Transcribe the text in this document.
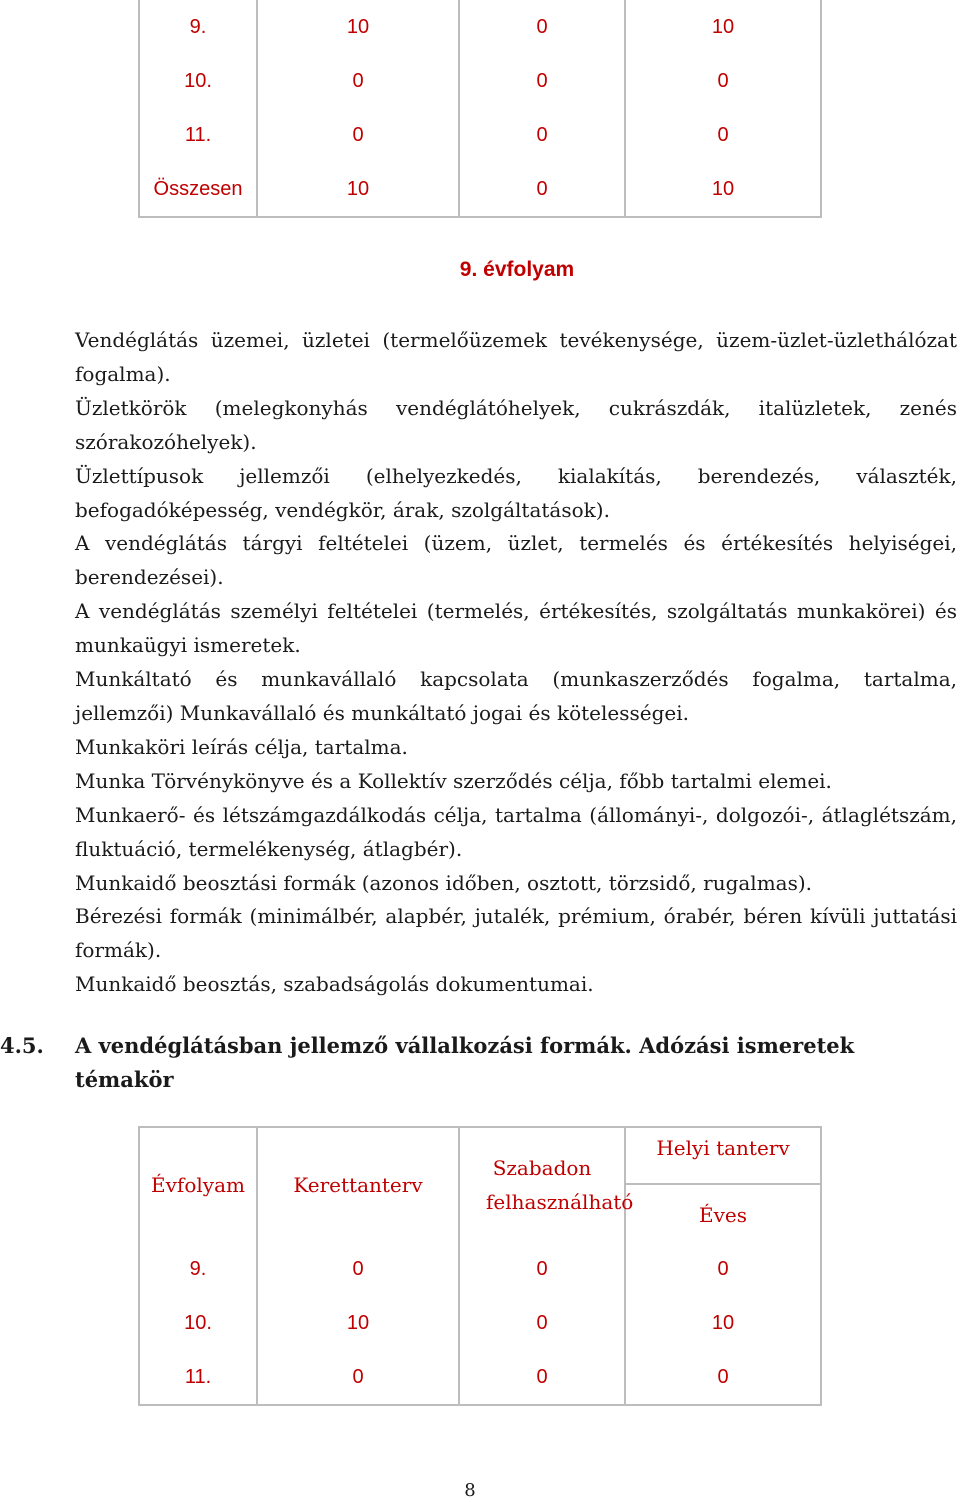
9.	10	0	10
10.	0	0	0
11.	0	0	0
Összesen	10	0	10
9. évfolyam

Vendéglátás üzemei, üzletei (termelőüzemek tevékenysége, üzem-üzlet-üzlethálózat fogalma).

Üzletkörök (melegkonyhás vendéglátóhelyek, cukrászdák, italüzletek, zenés szórakozóhelyek).

Üzlettípusok jellemzői (elhelyezkedés, kialakítás, berendezés, választék, befogadóképesség, vendégkör, árak, szolgáltatások).

A vendéglátás tárgyi feltételei (üzem, üzlet, termelés és értékesítés helyiségei, berendezései).

A vendéglátás személyi feltételei (termelés, értékesítés, szolgáltatás munkakörei) és munkaügyi ismeretek.

Munkáltató és munkavállaló kapcsolata (munkaszerződés fogalma, tartalma, jellemzői) Munkavállaló és munkáltató jogai és kötelességei.

Munkaköri leírás célja, tartalma.

Munka Törvénykönyve és a Kollektív szerződés célja, főbb tartalmi elemei.

Munkaerő- és létszámgazdálkodás célja, tartalma (állományi-, dolgozói-, átlaglétszám, fluktuáció, termelékenység, átlagbér).

Munkaidő beosztási formák (azonos időben, osztott, törzsidő, rugalmas).

Bérezési formák (minimálbér, alapbér, jutalék, prémium, órabér, béren kívüli juttatási formák).

Munkaidő beosztás, szabadságolás dokumentumai.

4.5. A vendéglátásban jellemző vállalkozási formák. Adózási ismeretek
témakör
Évfolyam	Kerettanterv	Szabadon felhasználható	Helyi tanterv
Éves

9.	0	0	0
10.	10	0	10
11.	0	0	0
8
